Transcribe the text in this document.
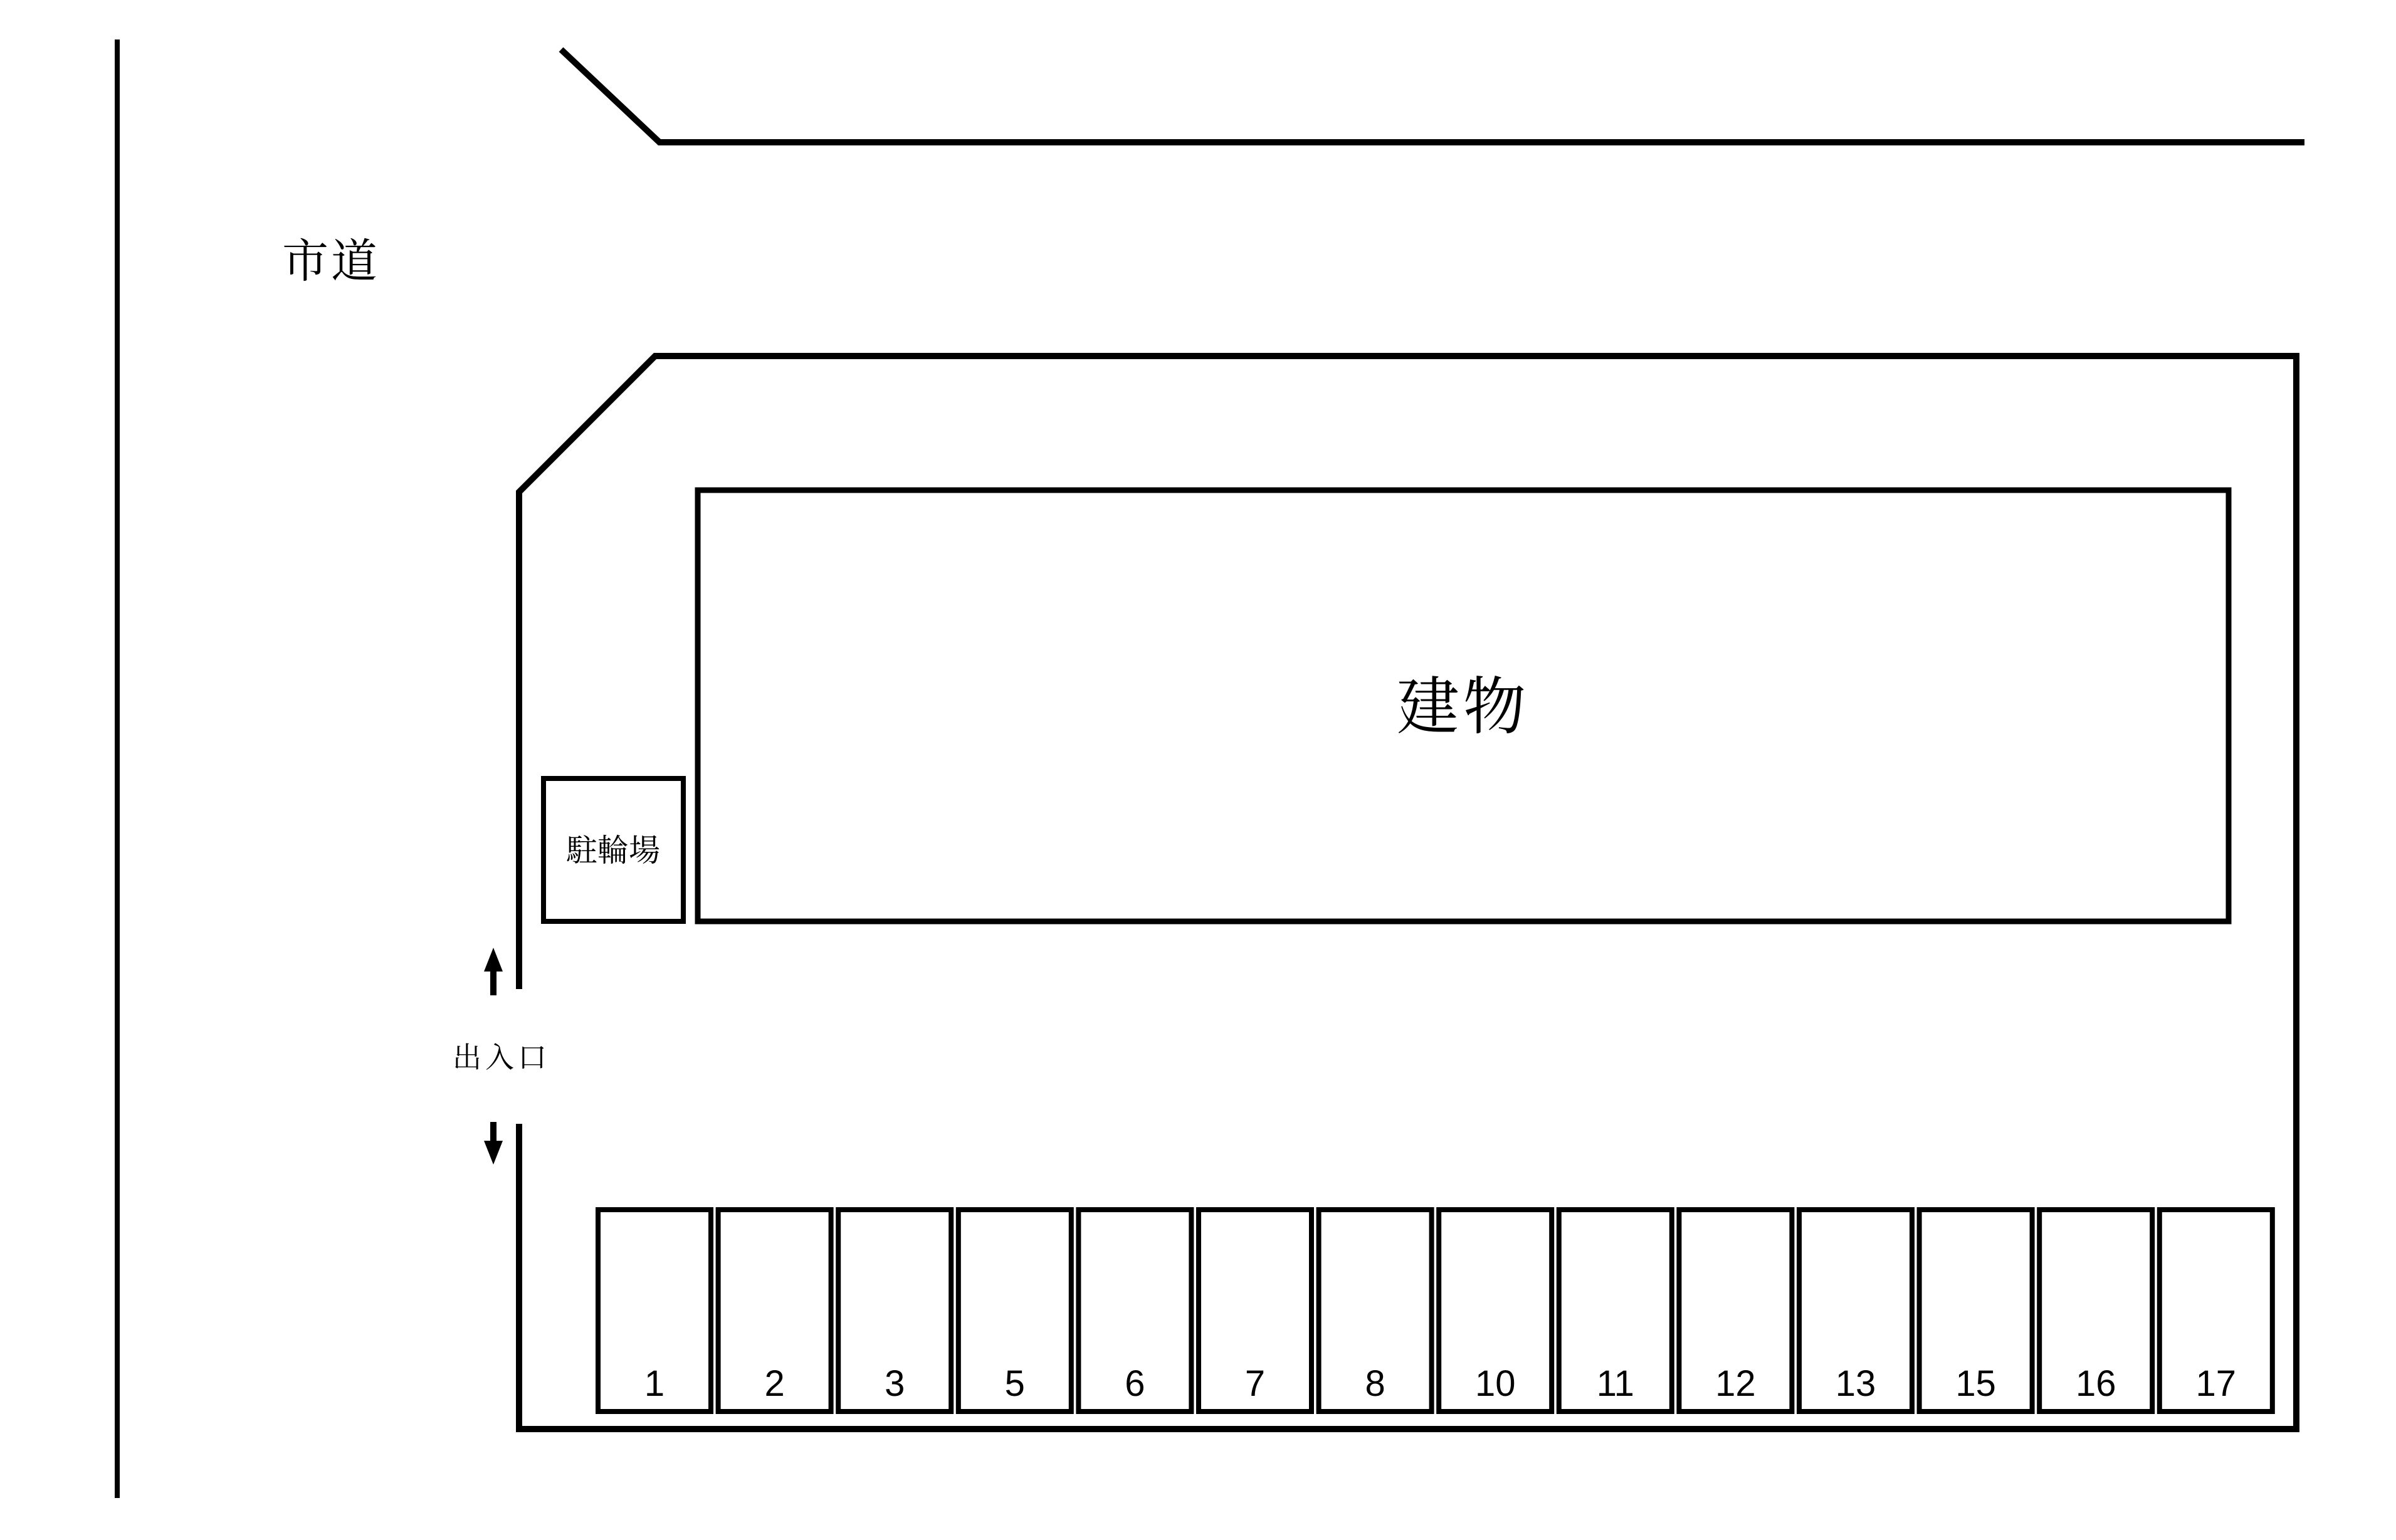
市道
建物
駐輪場
出入口
1	2	3	5	6	7	8 10 11 12 13 15 16 17
